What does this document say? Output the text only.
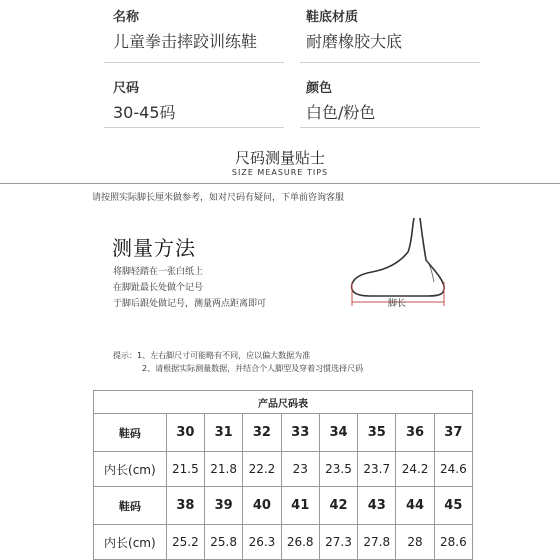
名称
儿童拳击摔跤训练鞋
鞋底材质
耐磨橡胶大底
尺码
30-45码
颜色
白色/粉色
尺码测量贴士
SIZE MEASURE TIPS
请按照实际脚长厘米做参考，如对尺码有疑问，下单前咨询客服
测量方法
将脚轻踏在一张白纸上
在脚趾最长处做个记号
于脚后跟处做记号，测量两点距离即可	脚长
提示：1、左右脚尺寸可能略有不同，应以偏大数据为准
2、请根据实际测量数据，并结合个人脚型及穿着习惯选择尺码
产品尺码表								
鞋码	30	31	32	33	34	35	36	37
内长(cm)	21.5	21.8	22.2	23	23.5	23.7	24.2	24.6
鞋码	38	39	40	41	42	43	44	45
内长(cm)	25.2	25.8	26.3	26.8	27.3	27.8	28	28.6
